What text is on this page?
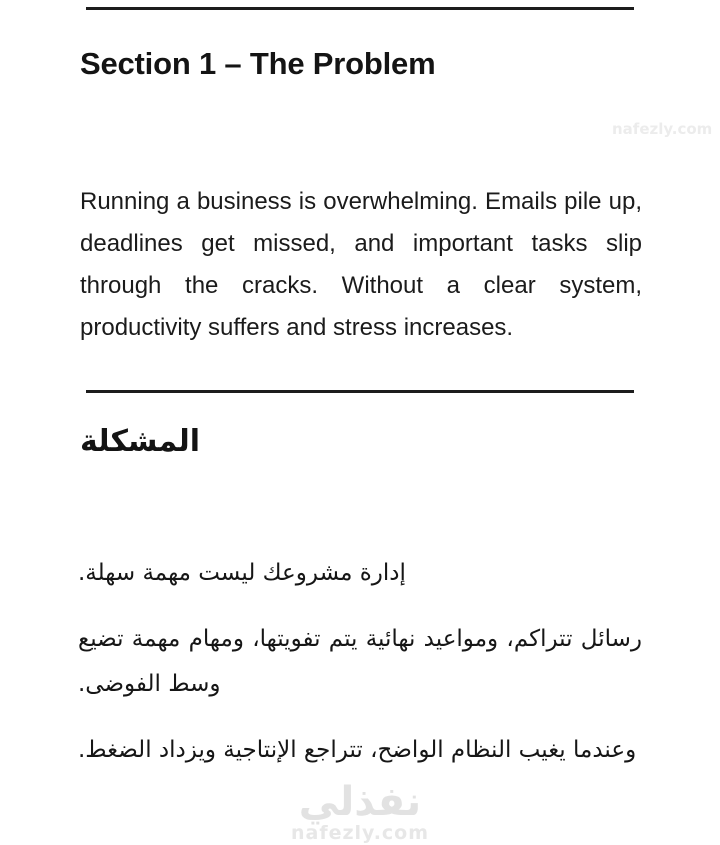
Section 1 – The Problem
nafezly.com

Running a business is overwhelming. Emails pile up, deadlines get missed, and important tasks slip through the cracks. Without a clear system, productivity suffers and stress increases.

المشكلة

إدارة مشروعك ليست مهمة سهلة.

رسائل تتراكم، ومواعيد نهائية يتم تفويتها، ومهام مهمة تضيع وسط الفوضى.

وعندما يغيب النظام الواضح، تتراجع الإنتاجية ويزداد الضغط.

نفذلي
nafezly.com
